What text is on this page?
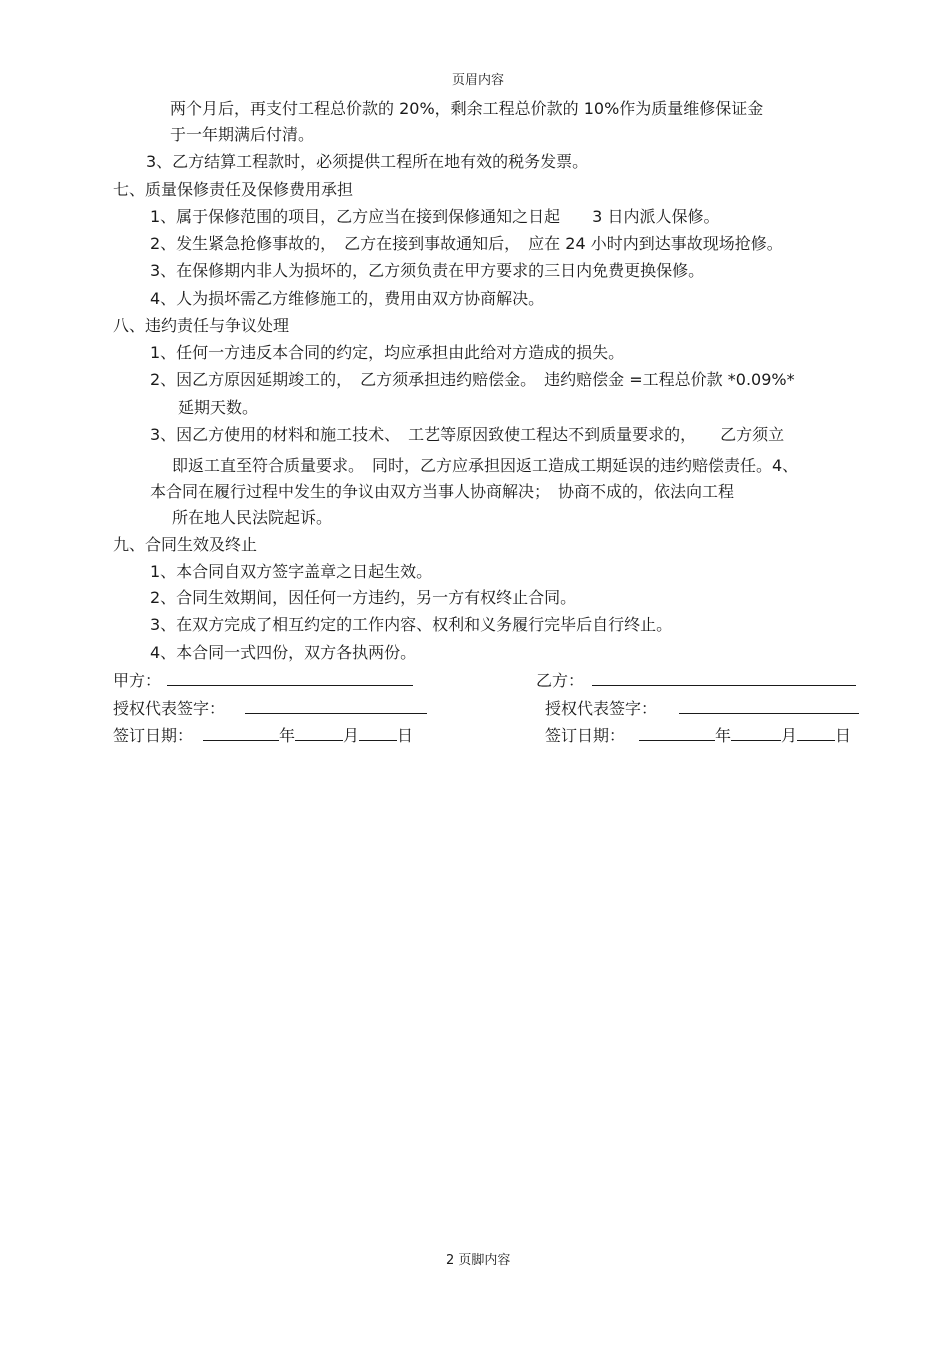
页眉内容
两个月后，再支付工程总价款的 20%，剩余工程总价款的 10%作为质量维修保证金
于一年期满后付清。
3、乙方结算工程款时，必须提供工程所在地有效的税务发票。
七、质量保修责任及保修费用承担
1、属于保修范围的项目，乙方应当在接到保修通知之日起　　3 日内派人保修。
2、发生紧急抢修事故的，　乙方在接到事故通知后，　应在 24 小时内到达事故现场抢修。
3、在保修期内非人为损坏的，乙方须负责在甲方要求的三日内免费更换保修。
4、人为损坏需乙方维修施工的，费用由双方协商解决。
八、违约责任与争议处理
1、任何一方违反本合同的约定，均应承担由此给对方造成的损失。
2、因乙方原因延期竣工的，　乙方须承担违约赔偿金。　违约赔偿金 =工程总价款 *0.09%*
延期天数。
3、因乙方使用的材料和施工技术、　工艺等原因致使工程达不到质量要求的，　　乙方须立
即返工直至符合质量要求。　同时，乙方应承担因返工造成工期延误的违约赔偿责任。4、
本合同在履行过程中发生的争议由双方当事人协商解决；　协商不成的，依法向工程
所在地人民法院起诉。
九、合同生效及终止
1、本合同自双方签字盖章之日起生效。
2、合同生效期间，因任何一方违约，另一方有权终止合同。
3、在双方完成了相互约定的工作内容、权利和义务履行完毕后自行终止。
4、本合同一式四份，双方各执两份。
甲方：	乙方：
授权代表签字：	授权代表签字：
签订日期：	年	月 日	签订日期：	年	月 日
2 页脚内容
